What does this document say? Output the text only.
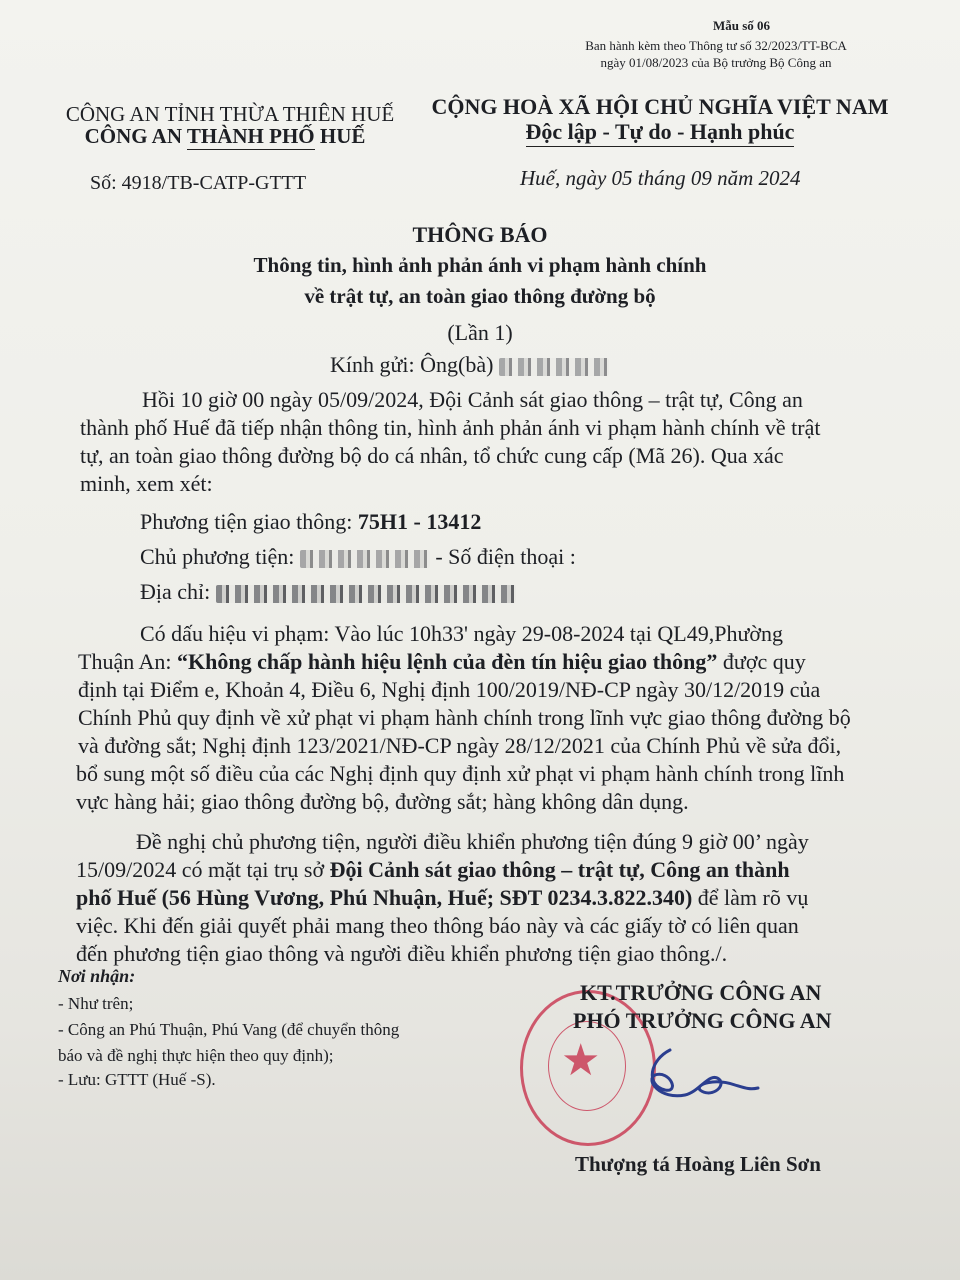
Mẫu số 06
Ban hành kèm theo Thông tư số 32/2023/TT-BCA
ngày 01/08/2023 của Bộ trưởng Bộ Công an
CÔNG AN TỈNH THỪA THIÊN HUẾ
CÔNG AN THÀNH PHỐ HUẾ
Số: 4918/TB-CATP-GTTT
CỘNG HOÀ XÃ HỘI CHỦ NGHĨA VIỆT NAM
Độc lập - Tự do - Hạnh phúc
Huế, ngày 05 tháng 09 năm 2024
THÔNG BÁO
Thông tin, hình ảnh phản ánh vi phạm hành chính
về trật tự, an toàn giao thông đường bộ
(Lần 1)
Kính gửi: Ông(bà)
Hồi 10 giờ 00 ngày 05/09/2024, Đội Cảnh sát giao thông – trật tự, Công an
thành phố Huế đã tiếp nhận thông tin, hình ảnh phản ánh vi phạm hành chính về trật
tự, an toàn giao thông đường bộ do cá nhân, tổ chức cung cấp (Mã 26). Qua xác
minh, xem xét:
Phương tiện giao thông: 75H1 - 13412
Chủ phương tiện:	- Số điện thoại :
Địa chỉ:
Có dấu hiệu vi phạm: Vào lúc 10h33' ngày 29-08-2024 tại QL49,Phường
Thuận An: “Không chấp hành hiệu lệnh của đèn tín hiệu giao thông” được quy
định tại Điểm e, Khoản 4, Điều 6, Nghị định 100/2019/NĐ-CP ngày 30/12/2019 của
Chính Phủ quy định về xử phạt vi phạm hành chính trong lĩnh vực giao thông đường bộ
và đường sắt; Nghị định 123/2021/NĐ-CP ngày 28/12/2021 của Chính Phủ về sửa đổi,
bổ sung một số điều của các Nghị định quy định xử phạt vi phạm hành chính trong lĩnh
vực hàng hải; giao thông đường bộ, đường sắt; hàng không dân dụng.
Đề nghị chủ phương tiện, người điều khiển phương tiện đúng 9 giờ 00’ ngày
15/09/2024 có mặt tại trụ sở Đội Cảnh sát giao thông – trật tự, Công an thành
phố Huế (56 Hùng Vương, Phú Nhuận, Huế; SĐT 0234.3.822.340) để làm rõ vụ
việc. Khi đến giải quyết phải mang theo thông báo này và các giấy tờ có liên quan
đến phương tiện giao thông và người điều khiển phương tiện giao thông./.
Nơi nhận:
- Như trên;
- Công an Phú Thuận, Phú Vang (để chuyển thông
báo và đề nghị thực hiện theo quy định);
- Lưu: GTTT (Huế -S).	★
KT.TRƯỞNG CÔNG AN
PHÓ TRƯỞNG CÔNG AN
Thượng tá Hoàng Liên Sơn
